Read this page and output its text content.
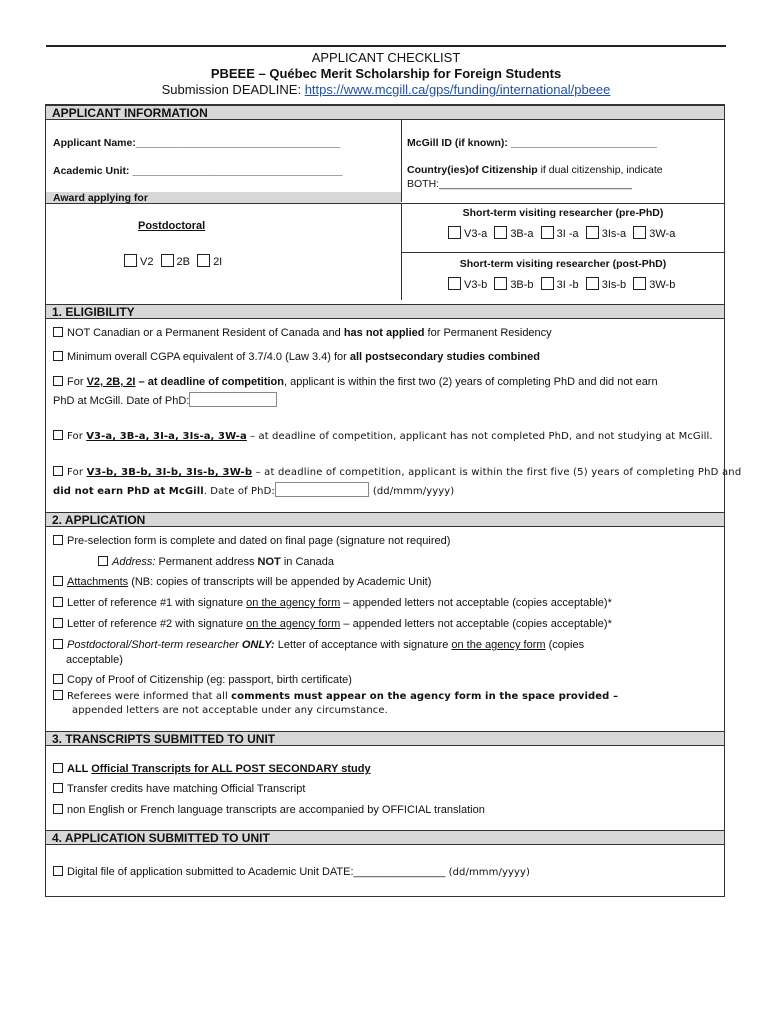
APPLICANT CHECKLIST
PBEEE – Québec Merit Scholarship for Foreign Students
Submission DEADLINE: https://www.mcgill.ca/gps/funding/international/pbeee
APPLICANT INFORMATION
Applicant Name:___________________________________	McGill ID (if known): _________________________
Academic Unit: ____________________________________	Country(ies)of Citizenship if dual citizenship, indicate
BOTH:_________________________________
Award applying for
Postdoctoral
V2 2B 2I
Short-term visiting researcher (pre-PhD)
V3-a 3B-a 3I -a 3Is-a 3W-a
Short-term visiting researcher (post-PhD)
V3-b 3B-b 3I -b 3Is-b 3W-b
1. ELIGIBILITY
NOT Canadian or a Permanent Resident of Canada and has not applied for Permanent Residency
Minimum overall CGPA equivalent of 3.7/4.0 (Law 3.4) for all postsecondary studies combined
For V2, 2B, 2I – at deadline of competition, applicant is within the first two (2) years of completing PhD and did not earn
PhD at McGill. Date of PhD:
For V3-a, 3B-a, 3I-a, 3Is-a, 3W-a – at deadline of competition, applicant has not completed PhD, and not studying at McGill.
For V3-b, 3B-b, 3I-b, 3Is-b, 3W-b – at deadline of competition, applicant is within the first five (5) years of completing PhD and
did not earn PhD at McGill. Date of PhD:	(dd/mmm/yyyy)
2. APPLICATION
Pre-selection form is complete and dated on final page (signature not required)
Address: Permanent address NOT in Canada
Attachments (NB: copies of transcripts will be appended by Academic Unit)
Letter of reference #1 with signature on the agency form – appended letters not acceptable (copies acceptable)*
Letter of reference #2 with signature on the agency form – appended letters not acceptable (copies acceptable)*
Postdoctoral/Short-term researcher ONLY: Letter of acceptance with signature on the agency form (copies
acceptable)
Copy of Proof of Citizenship (eg: passport, birth certificate)
Referees were informed that all comments must appear on the agency form in the space provided –
appended letters are not acceptable under any circumstance.
3. TRANSCRIPTS SUBMITTED TO UNIT
ALL Official Transcripts for ALL POST SECONDARY study
Transfer credits have matching Official Transcript
non English or French language transcripts are accompanied by OFFICIAL translation
4. APPLICATION SUBMITTED TO UNIT
Digital file of application submitted to Academic Unit DATE:_______________ (dd/mmm/yyyy)
